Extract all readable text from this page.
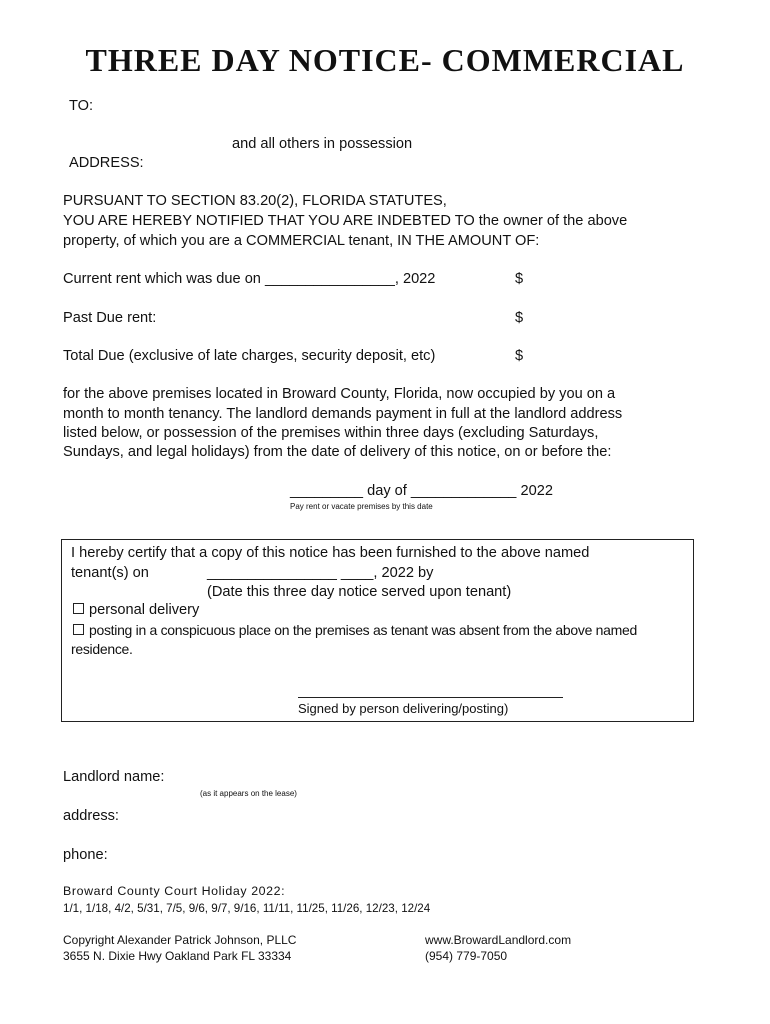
THREE DAY NOTICE- COMMERCIAL
TO:
and all others in possession
ADDRESS:
PURSUANT TO SECTION 83.20(2), FLORIDA STATUTES,
YOU ARE HEREBY NOTIFIED THAT YOU ARE INDEBTED TO the owner of the above
property, of which you are a COMMERCIAL tenant, IN THE AMOUNT OF:
Current rent which was due on ________________, 2022	$
Past Due rent:	$
Total Due (exclusive of late charges, security deposit, etc)	$
for the above premises located in Broward County, Florida, now occupied by you on a
month to month tenancy. The landlord demands payment in full at the landlord address
listed below, or possession of the premises within three days (excluding Saturdays,
Sundays, and legal holidays) from the date of delivery of this notice, on or before the:
_________ day of _____________ 2022
Pay rent or vacate premises by this date
I hereby certify that a copy of this notice has been furnished to the above named
tenant(s) on	________________ ____, 2022 by
(Date this three day notice served upon tenant)
personal delivery
posting in a conspicuous place on the premises as tenant was absent from the above named
residence.
Signed by person delivering/posting)
Landlord name:
(as it appears on the lease)
address:
phone:
Broward County Court Holiday 2022:
1/1, 1/18, 4/2, 5/31, 7/5, 9/6, 9/7, 9/16, 11/11, 11/25, 11/26, 12/23, 12/24
Copyright Alexander Patrick Johnson, PLLC
3655 N. Dixie Hwy Oakland Park FL 33334
www.BrowardLandlord.com
(954) 779-7050
